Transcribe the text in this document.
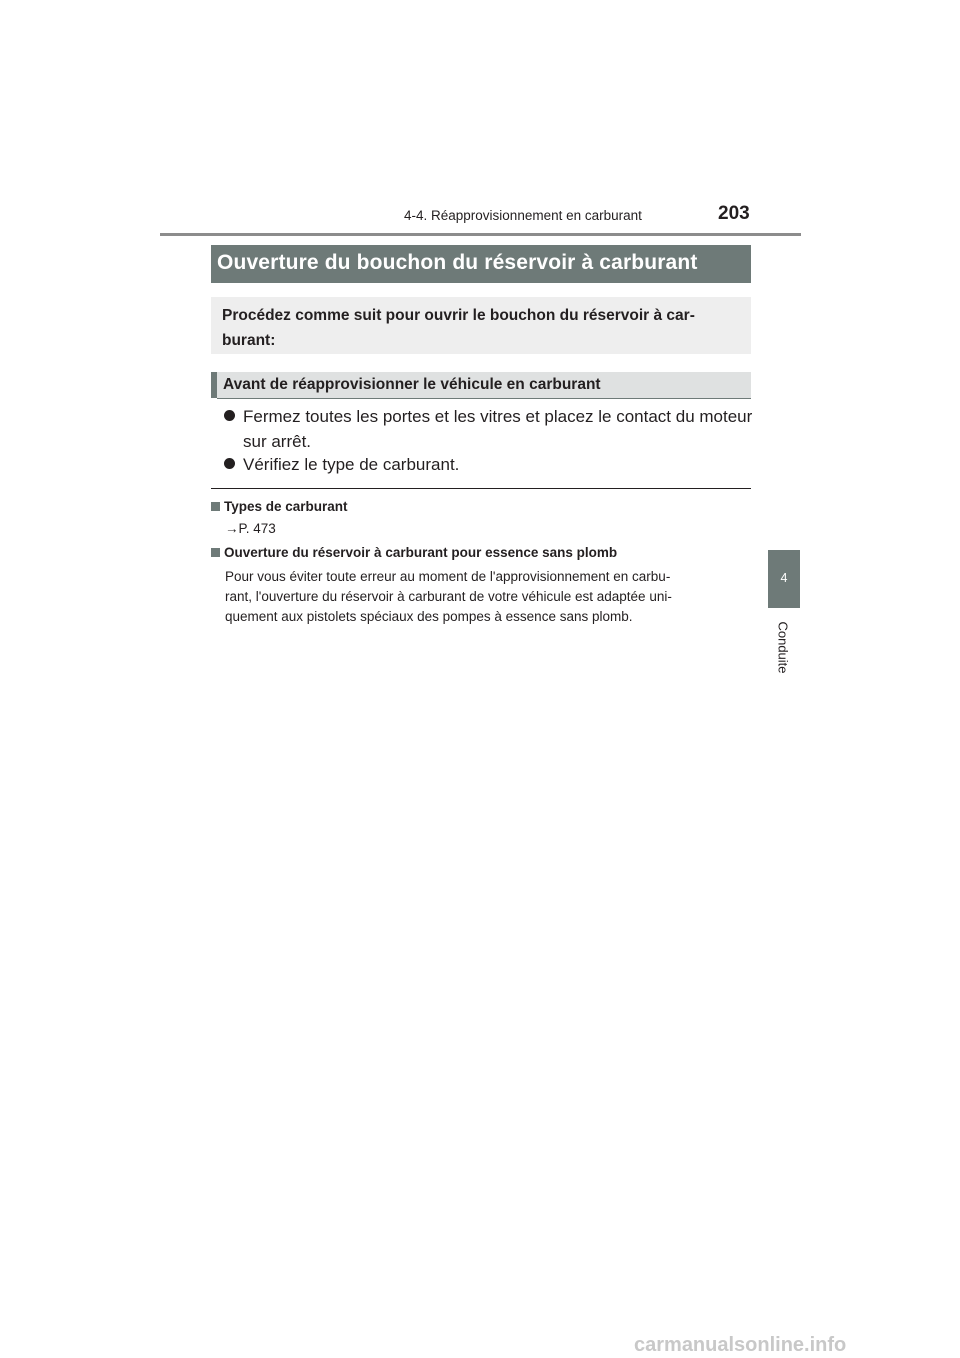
4-4. Réapprovisionnement en carburant	203
Ouverture du bouchon du réservoir à carburant
Procédez comme suit pour ouvrir le bouchon du réservoir à car-
burant:
Avant de réapprovisionner le véhicule en carburant
Fermez toutes les portes et les vitres et placez le contact du moteur sur arrêt.
Vérifiez le type de carburant.
Types de carburant
→P. 473
Ouverture du réservoir à carburant pour essence sans plomb
Pour vous éviter toute erreur au moment de l'approvisionnement en carbu-
rant, l'ouverture du réservoir à carburant de votre véhicule est adaptée uni-
quement aux pistolets spéciaux des pompes à essence sans plomb.
4
Conduite
carmanualsonline.info
